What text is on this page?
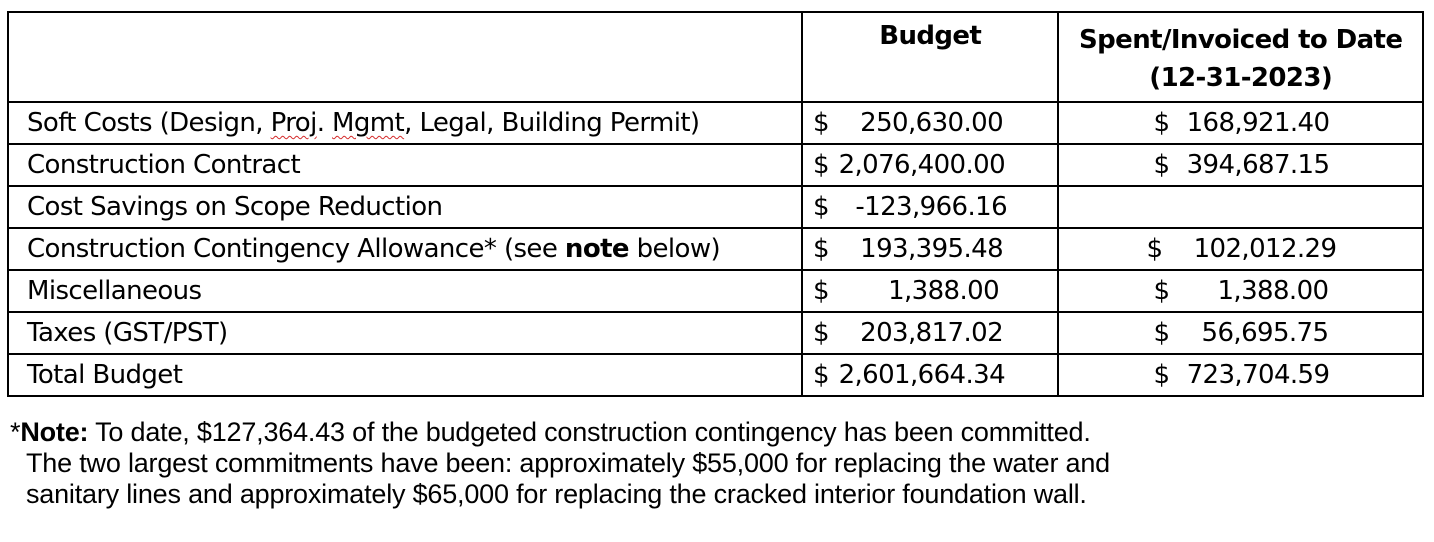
	Budget	Spent/Invoiced to Date
(12-31-2023)
Soft Costs (Design, Proj. Mgmt, Legal, Building Permit)	$ 250,630.00	$ 168,921.40

Construction Contract	$ 2,076,400.00	$ 394,687.15

Cost Savings on Scope Reduction	$ -123,966.16	

Construction Contingency Allowance* (see note below)	$ 193,395.48	$ 102,012.29

Miscellaneous	$ 1,388.00	$ 1,388.00

Taxes (GST/PST)	$ 203,817.02	$ 56,695.75

Total Budget	$ 2,601,664.34	$ 723,704.59
*Note: To date, $127,364.43 of the budgeted construction contingency has been committed.
The two largest commitments have been: approximately $55,000 for replacing the water and
sanitary lines and approximately $65,000 for replacing the cracked interior foundation wall.
